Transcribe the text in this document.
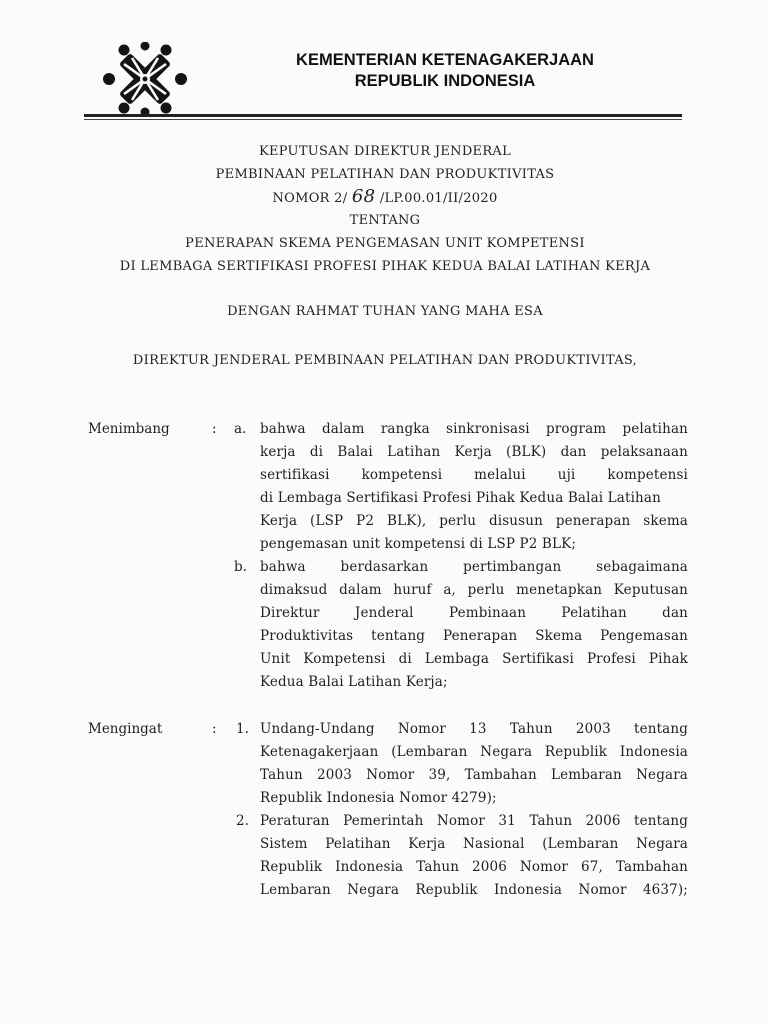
KEMENTERIAN KETENAGAKERJAAN
REPUBLIK INDONESIA
KEPUTUSAN DIREKTUR JENDERAL
PEMBINAAN PELATIHAN DAN PRODUKTIVITAS
NOMOR 2/ 68 /LP.00.01/II/2020
TENTANG
PENERAPAN SKEMA PENGEMASAN UNIT KOMPETENSI
DI LEMBAGA SERTIFIKASI PROFESI PIHAK KEDUA BALAI LATIHAN KERJA
DENGAN RAHMAT TUHAN YANG MAHA ESA
DIREKTUR JENDERAL PEMBINAAN PELATIHAN DAN PRODUKTIVITAS,
Menimbang	: a. bahwa dalam rangka sinkronisasi program pelatihan
kerja di Balai Latihan Kerja (BLK) dan pelaksanaan
sertifikasi kompetensi melalui uji kompetensi
di Lembaga Sertifikasi Profesi Pihak Kedua Balai Latihan
Kerja (LSP P2 BLK), perlu disusun penerapan skema
pengemasan unit kompetensi di LSP P2 BLK;
b. bahwa berdasarkan pertimbangan sebagaimana
dimaksud dalam huruf a, perlu menetapkan Keputusan
Direktur Jenderal Pembinaan Pelatihan dan
Produktivitas tentang Penerapan Skema Pengemasan
Unit Kompetensi di Lembaga Sertifikasi Profesi Pihak
Kedua Balai Latihan Kerja;
Mengingat	: 1. Undang-Undang Nomor 13 Tahun 2003 tentang
Ketenagakerjaan (Lembaran Negara Republik Indonesia
Tahun 2003 Nomor 39, Tambahan Lembaran Negara
Republik Indonesia Nomor 4279);
2. Peraturan Pemerintah Nomor 31 Tahun 2006 tentang
Sistem Pelatihan Kerja Nasional (Lembaran Negara
Republik Indonesia Tahun 2006 Nomor 67, Tambahan
Lembaran Negara Republik Indonesia Nomor 4637);
